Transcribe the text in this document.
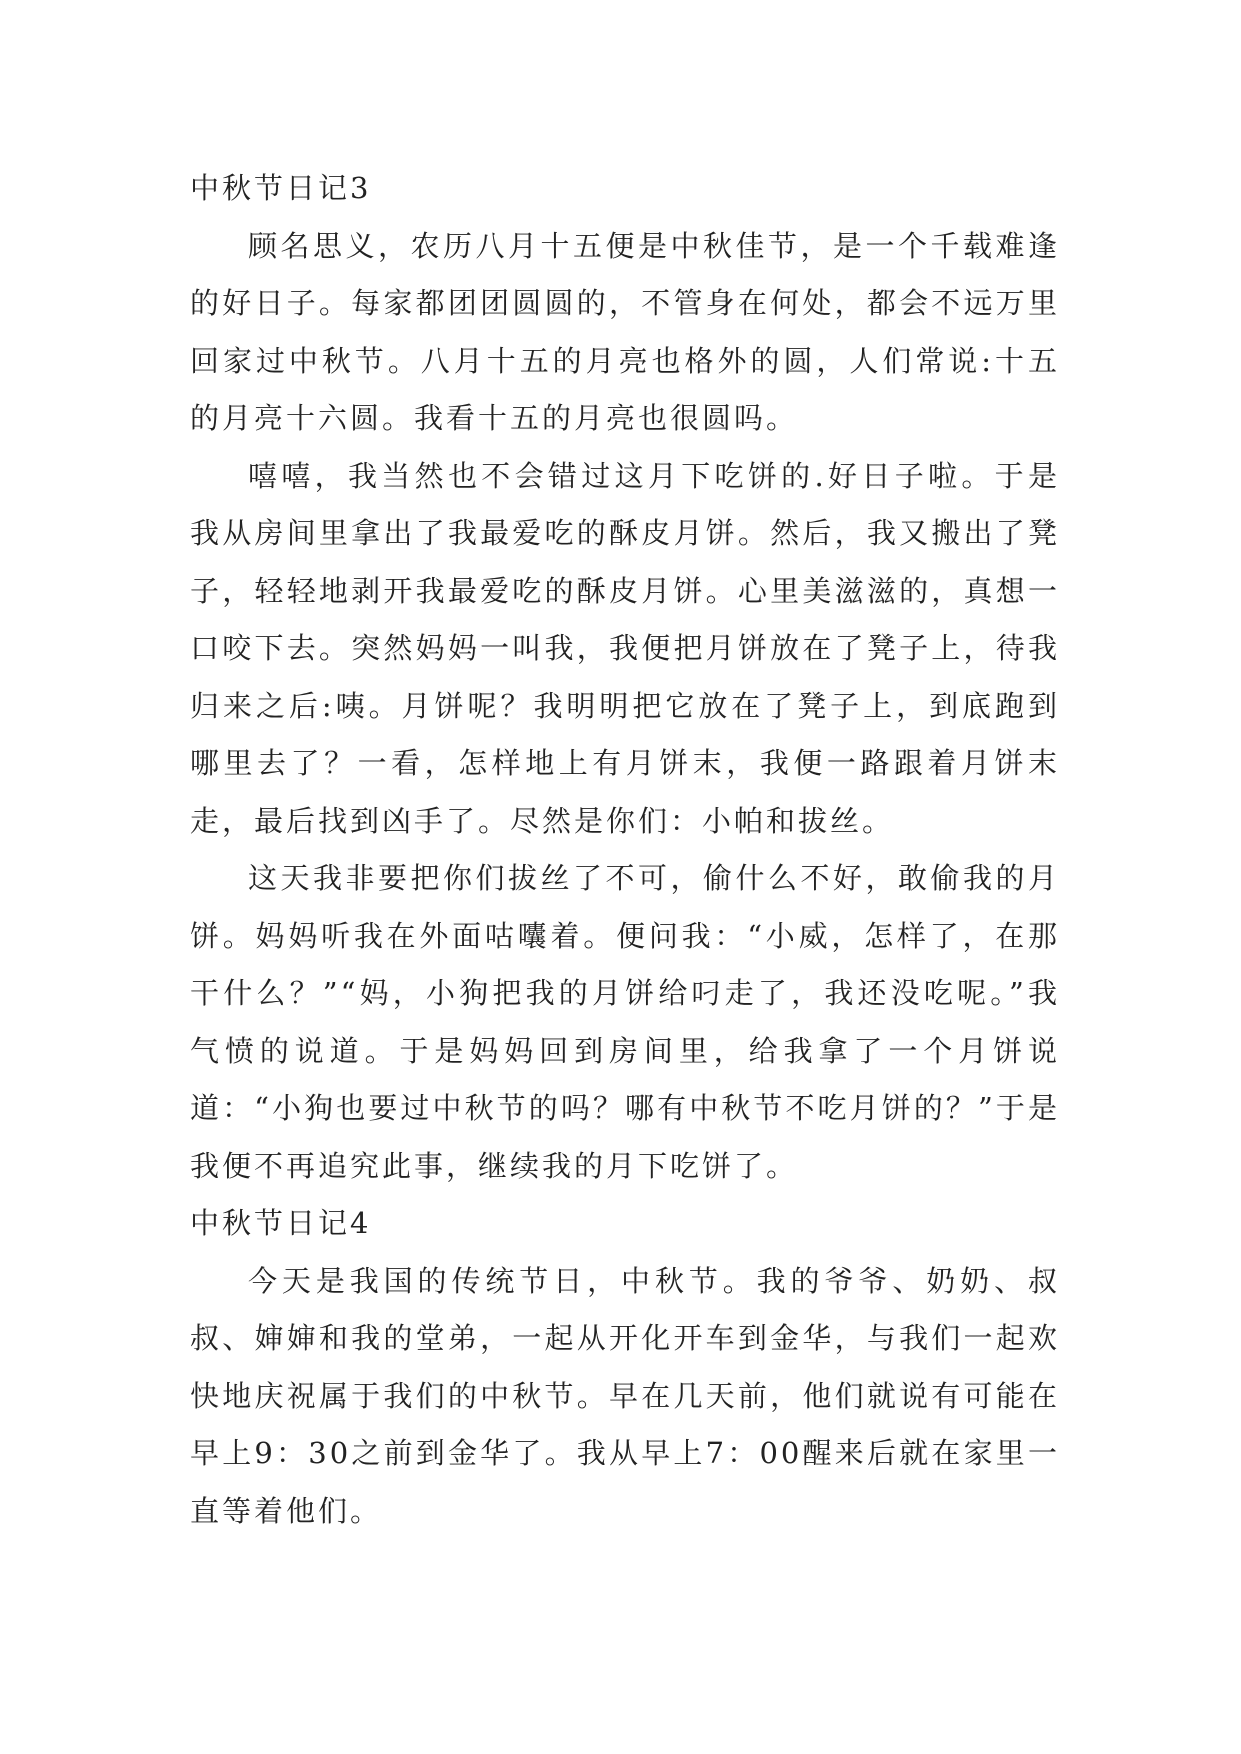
中秋节日记3

顾名思义，农历八月十五便是中秋佳节，是一个千载难逢的好日子。每家都团团圆圆的，不管身在何处，都会不远万里回家过中秋节。八月十五的月亮也格外的圆，人们常说:十五的月亮十六圆。我看十五的月亮也很圆吗。

嘻嘻，我当然也不会错过这月下吃饼的.好日子啦。于是我从房间里拿出了我最爱吃的酥皮月饼。然后，我又搬出了凳子，轻轻地剥开我最爱吃的酥皮月饼。心里美滋滋的，真想一口咬下去。突然妈妈一叫我，我便把月饼放在了凳子上，待我归来之后:咦。月饼呢？我明明把它放在了凳子上，到底跑到哪里去了？一看，怎样地上有月饼末，我便一路跟着月饼末走，最后找到凶手了。尽然是你们：小帕和拔丝。

这天我非要把你们拔丝了不可，偷什么不好，敢偷我的月饼。妈妈听我在外面咕囔着。便问我：“小威，怎样了，在那干什么？”“妈，小狗把我的月饼给叼走了，我还没吃呢。”我气愤的说道。于是妈妈回到房间里，给我拿了一个月饼说道：“小狗也要过中秋节的吗？哪有中秋节不吃月饼的？”于是我便不再追究此事，继续我的月下吃饼了。

中秋节日记4

今天是我国的传统节日，中秋节。我的爷爷、奶奶、叔叔、婶婶和我的堂弟，一起从开化开车到金华，与我们一起欢快地庆祝属于我们的中秋节。早在几天前，他们就说有可能在早上9：30之前到金华了。我从早上7：00醒来后就在家里一直等着他们。
